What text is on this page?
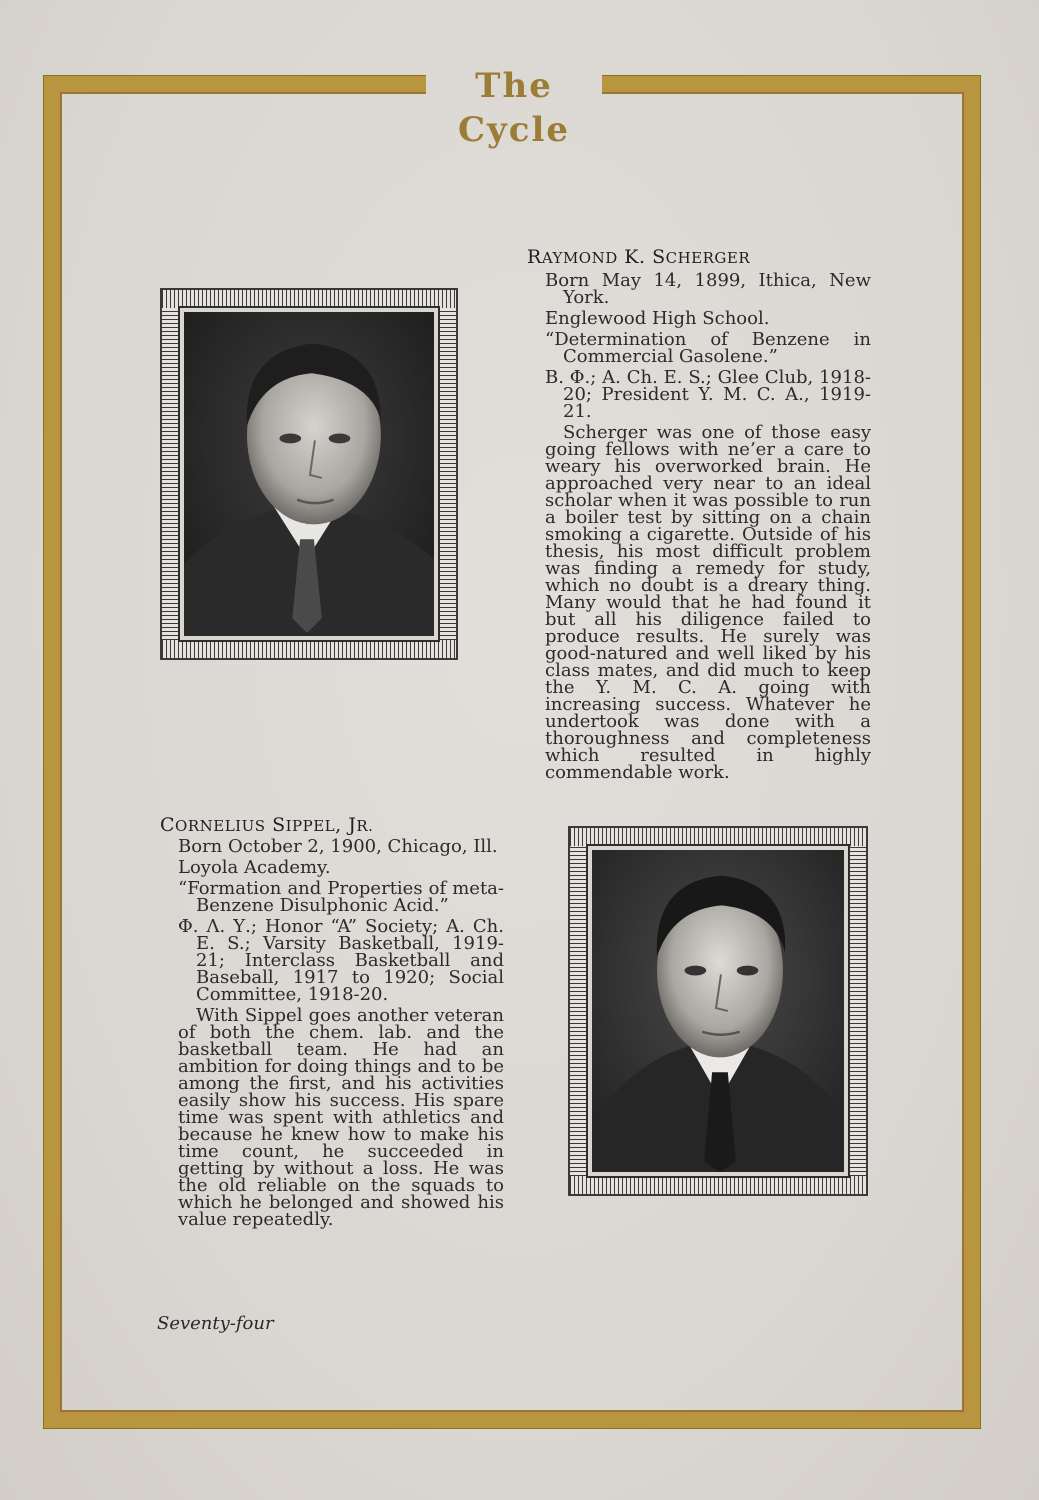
The Cycle
RAYMOND K. SCHERGER

Born May 14, 1899, Ithica, New York.

Englewood High School.

“Determination of Benzene in Commercial Gasolene.”

B. Φ.; A. Ch. E. S.; Glee Club, 1918-20; President Y. M. C. A., 1919-21.

Scherger was one of those easy going fellows with ne’er a care to weary his overworked brain. He approached very near to an ideal scholar when it was possible to run a boiler test by sitting on a chain smoking a cigarette. Outside of his thesis, his most difficult problem was finding a remedy for study, which no doubt is a dreary thing. Many would that he had found it but all his diligence failed to produce results. He surely was good-natured and well liked by his class mates, and did much to keep the Y. M. C. A. going with increasing success. Whatever he undertook was done with a thoroughness and completeness which resulted in highly commendable work.

CORNELIUS SIPPEL, JR.

Born October 2, 1900, Chicago, Ill.

Loyola Academy.

“Formation and Properties of meta-Benzene Disulphonic Acid.”

Φ. Λ. Υ.; Honor “A” Society; A. Ch. E. S.; Varsity Basketball, 1919-21; Interclass Basketball and Baseball, 1917 to 1920; Social Committee, 1918-20.

With Sippel goes another veteran of both the chem. lab. and the basketball team. He had an ambition for doing things and to be among the first, and his activities easily show his success. His spare time was spent with athletics and because he knew how to make his time count, he succeeded in getting by without a loss. He was the old reliable on the squads to which he belonged and showed his value repeatedly.

Seventy-four
